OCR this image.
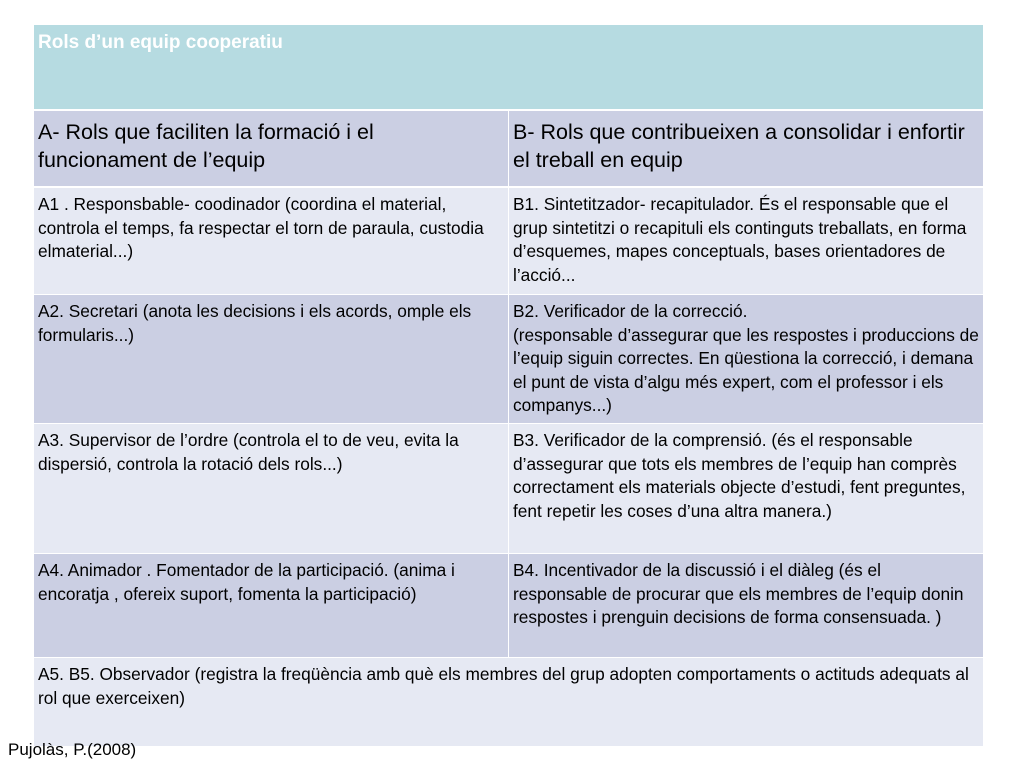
Rols d’un equip cooperatiu	
A- Rols que faciliten la formació i el funcionament de l’equip	B- Rols que contribueixen a consolidar i enfortir el treball en equip

A1 . Responsbable- coodinador (coordina el material, controla el temps, fa respectar el torn de paraula, custodia elmaterial...)	B1. Sintetitzador- recapitulador. És el responsable que el grup sintetitzi o recapituli els continguts treballats, en forma d’esquemes, mapes conceptuals, bases orientadores de l’acció...

A2. Secretari (anota les decisions i els acords, omple els formularis...)	B2. Verificador de la correcció.
(responsable d’assegurar que les respostes i produccions de l’equip siguin correctes. En qüestiona la correcció, i demana el punt de vista d’algu més expert, com el professor i els companys...)

A3. Supervisor de l’ordre (controla el to de veu, evita la dispersió, controla la rotació dels rols...)	B3. Verificador de la comprensió. (és el responsable d’assegurar que tots els membres de l’equip han comprès correctament els materials objecte d’estudi, fent preguntes, fent repetir les coses d’una altra manera.)

A4. Animador . Fomentador de la participació. (anima i encoratja , ofereix suport, fomenta la participació)	B4. Incentivador de la discussió i el diàleg (és el responsable de procurar que els membres de l’equip donin respostes i prenguin decisions de forma consensuada. )

A5. B5. Observador (registra la freqüència amb què els membres del grup adopten comportaments o actituds adequats al rol que exerceixen)	
Pujolàs, P.(2008)
